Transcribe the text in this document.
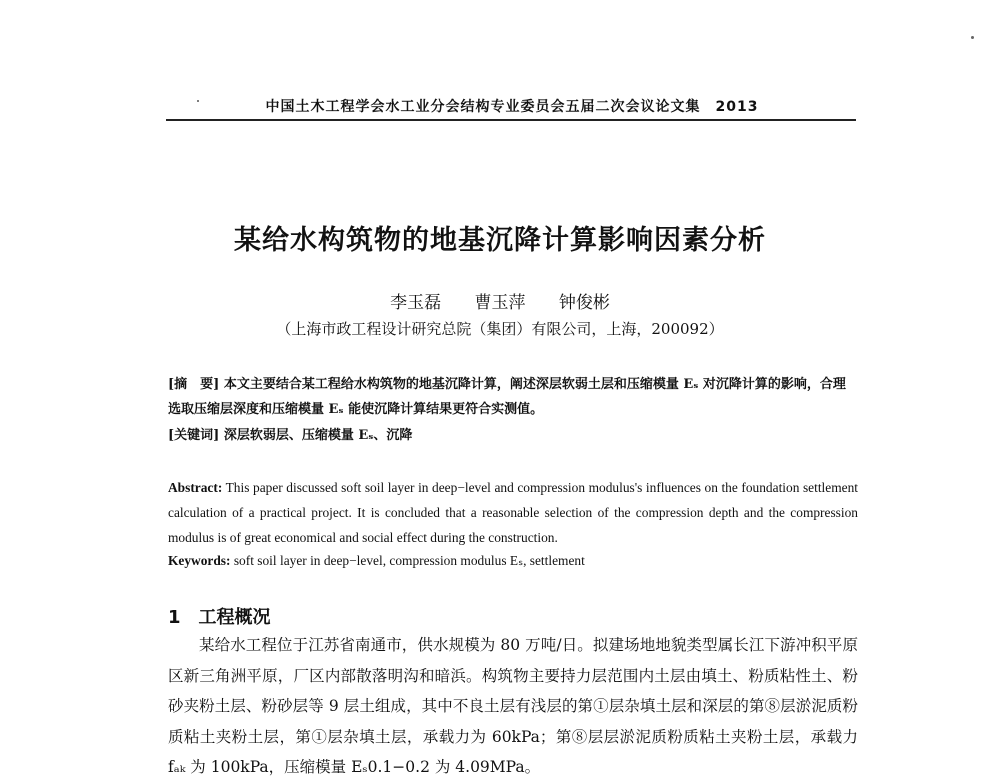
中国土木工程学会水工业分会结构专业委员会五届二次会议论文集　2013
某给水构筑物的地基沉降计算影响因素分析
李玉磊 曹玉萍 钟俊彬
（上海市政工程设计研究总院（集团）有限公司，上海，200092）
[摘　要] 本文主要结合某工程给水构筑物的地基沉降计算，阐述深层软弱土层和压缩模量 Eₛ 对沉降计算的影响，合理选取压缩层深度和压缩模量 Eₛ 能使沉降计算结果更符合实测值。
[关键词] 深层软弱层、压缩模量 Eₛ、沉降
Abstract: This paper discussed soft soil layer in deep−level and compression modulus's influences on the foundation settlement calculation of a practical project. It is concluded that a reasonable selection of the compression depth and the compression modulus is of great economical and social effect during the construction.
Keywords: soft soil layer in deep−level, compression modulus Eₛ, settlement
1　工程概况

某给水工程位于江苏省南通市，供水规模为 80 万吨/日。拟建场地地貌类型属长江下游冲积平原区新三角洲平原，厂区内部散落明沟和暗浜。构筑物主要持力层范围内土层由填土、粉质粘性土、粉砂夹粉土层、粉砂层等 9 层土组成，其中不良土层有浅层的第①层杂填土层和深层的第⑧层淤泥质粉质粘土夹粉土层，第①层杂填土层，承载力为 60kPa；第⑧层层淤泥质粉质粘土夹粉土层，承载力 fₐₖ 为 100kPa，压缩模量 Eₛ0.1−0.2 为 4.09MPa。
